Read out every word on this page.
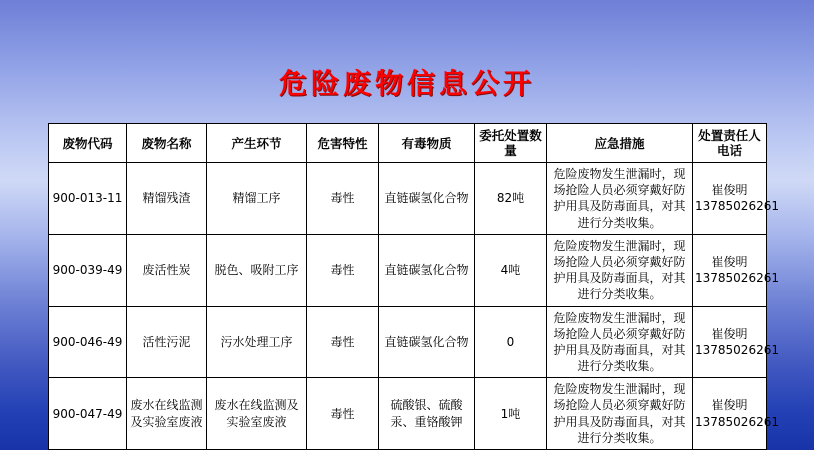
危险废物信息公开
废物代码	废物名称	产生环节	危害特性	有毒物质	委托处置数量	应急措施	处置责任人电话
900-013-11	精馏残渣	精馏工序	毒性	直链碳氢化合物	82吨	危险废物发生泄漏时，现场抢险人员必须穿戴好防护用具及防毒面具，对其进行分类收集。	崔俊明
13785026261

900-039-49	废活性炭	脱色、吸附工序	毒性	直链碳氢化合物	4吨	危险废物发生泄漏时，现场抢险人员必须穿戴好防护用具及防毒面具，对其进行分类收集。	崔俊明
13785026261

900-046-49	活性污泥	污水处理工序	毒性	直链碳氢化合物	0	危险废物发生泄漏时，现场抢险人员必须穿戴好防护用具及防毒面具，对其进行分类收集。	崔俊明
13785026261

900-047-49	废水在线监测及实验室废液	废水在线监测及实验室废液	毒性	硫酸银、硫酸汞、重铬酸钾	1吨	危险废物发生泄漏时，现场抢险人员必须穿戴好防护用具及防毒面具，对其进行分类收集。	崔俊明
13785026261
